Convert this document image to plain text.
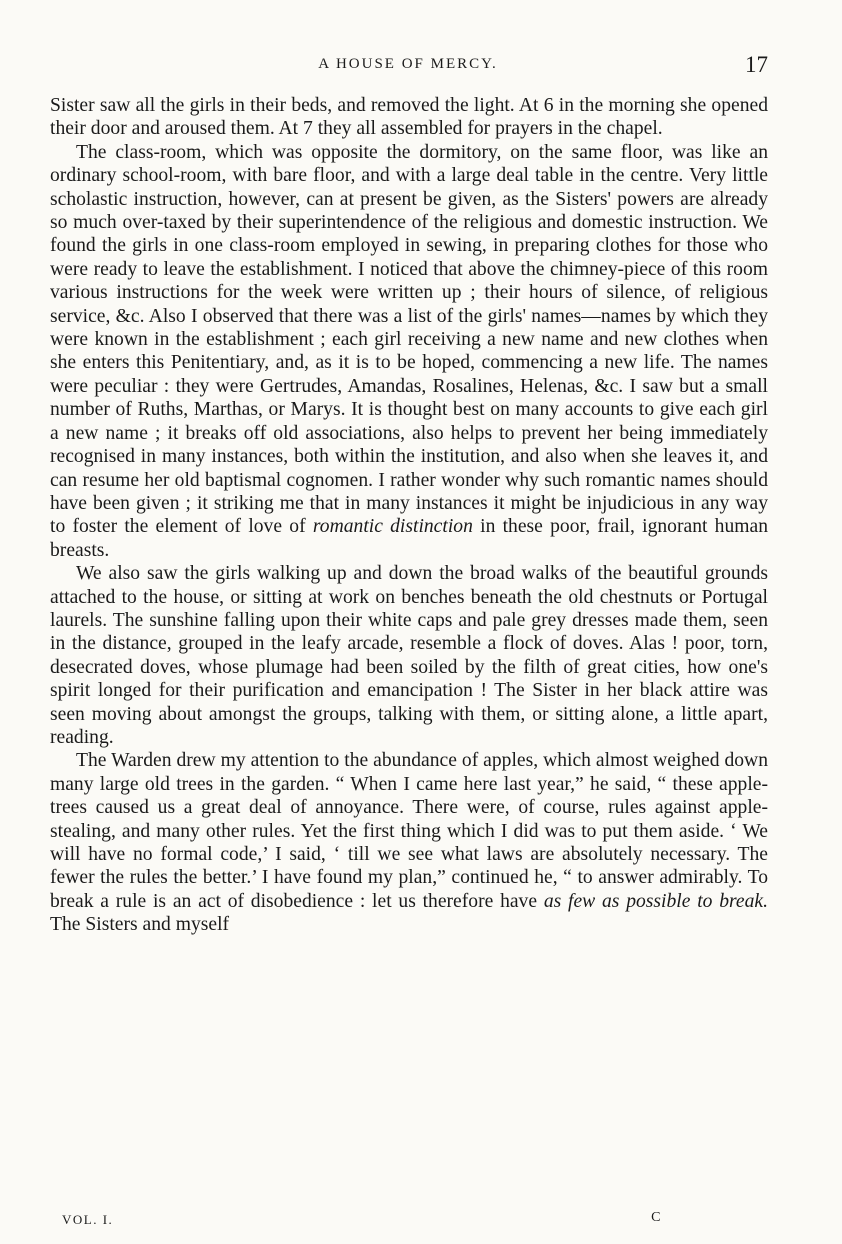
A HOUSE OF MERCY.	17

Sister saw all the girls in their beds, and removed the light. At 6 in the morning she opened their door and aroused them. At 7 they all assembled for prayers in the chapel.

The class-room, which was opposite the dormitory, on the same floor, was like an ordinary school-room, with bare floor, and with a large deal table in the centre. Very little scholastic instruction, however, can at present be given, as the Sisters' powers are already so much over-taxed by their superintendence of the religious and domestic instruction. We found the girls in one class-room employed in sewing, in preparing clothes for those who were ready to leave the establishment. I noticed that above the chimney-piece of this room various instructions for the week were written up ; their hours of silence, of religious service, &c. Also I observed that there was a list of the girls' names—names by which they were known in the establishment ; each girl receiving a new name and new clothes when she enters this Penitentiary, and, as it is to be hoped, commencing a new life. The names were peculiar : they were Gertrudes, Amandas, Rosalines, Helenas, &c. I saw but a small number of Ruths, Marthas, or Marys. It is thought best on many accounts to give each girl a new name ; it breaks off old associations, also helps to prevent her being immediately recognised in many instances, both within the institution, and also when she leaves it, and can resume her old baptismal cognomen. I rather wonder why such romantic names should have been given ; it striking me that in many instances it might be injudicious in any way to foster the element of love of romantic distinction in these poor, frail, ignorant human breasts.

We also saw the girls walking up and down the broad walks of the beautiful grounds attached to the house, or sitting at work on benches beneath the old chestnuts or Portugal laurels. The sunshine falling upon their white caps and pale grey dresses made them, seen in the distance, grouped in the leafy arcade, resemble a flock of doves. Alas ! poor, torn, desecrated doves, whose plumage had been soiled by the filth of great cities, how one's spirit longed for their purification and emancipation ! The Sister in her black attire was seen moving about amongst the groups, talking with them, or sitting alone, a little apart, reading.

The Warden drew my attention to the abundance of apples, which almost weighed down many large old trees in the garden. “ When I came here last year,” he said, “ these apple-trees caused us a great deal of annoyance. There were, of course, rules against apple-stealing, and many other rules. Yet the first thing which I did was to put them aside. ‘ We will have no formal code,’ I said, ‘ till we see what laws are absolutely necessary. The fewer the rules the better.’ I have found my plan,” continued he, “ to answer admirably. To break a rule is an act of disobedience : let us therefore have as few as possible to break. The Sisters and myself

VOL. I.	C
